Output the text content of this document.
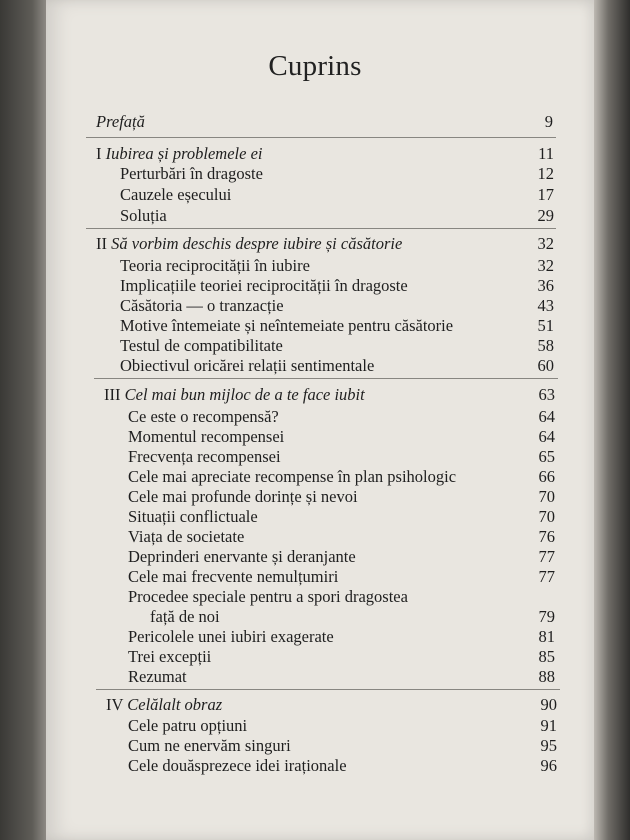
Cuprins
Prefață	9
I Iubirea și problemele ei	11
Perturbări în dragoste	12
Cauzele eșecului	17
Soluția	29
II Să vorbim deschis despre iubire și căsătorie	32
Teoria reciprocității în iubire	32
Implicațiile teoriei reciprocității în dragoste	36
Căsătoria — o tranzacție	43
Motive întemeiate și neîntemeiate pentru căsătorie	51
Testul de compatibilitate	58
Obiectivul oricărei relații sentimentale	60
III Cel mai bun mijloc de a te face iubit	63
Ce este o recompensă?	64
Momentul recompensei	64
Frecvența recompensei	65
Cele mai apreciate recompense în plan psihologic	66
Cele mai profunde dorințe și nevoi	70
Situații conflictuale	70
Viața de societate	76
Deprinderi enervante și deranjante	77
Cele mai frecvente nemulțumiri	77
Procedee speciale pentru a spori dragostea
față de noi	79
Pericolele unei iubiri exagerate	81
Trei excepții	85
Rezumat	88
IV Celălalt obraz	90
Cele patru opțiuni	91
Cum ne enervăm singuri	95
Cele douăsprezece idei iraționale	96
